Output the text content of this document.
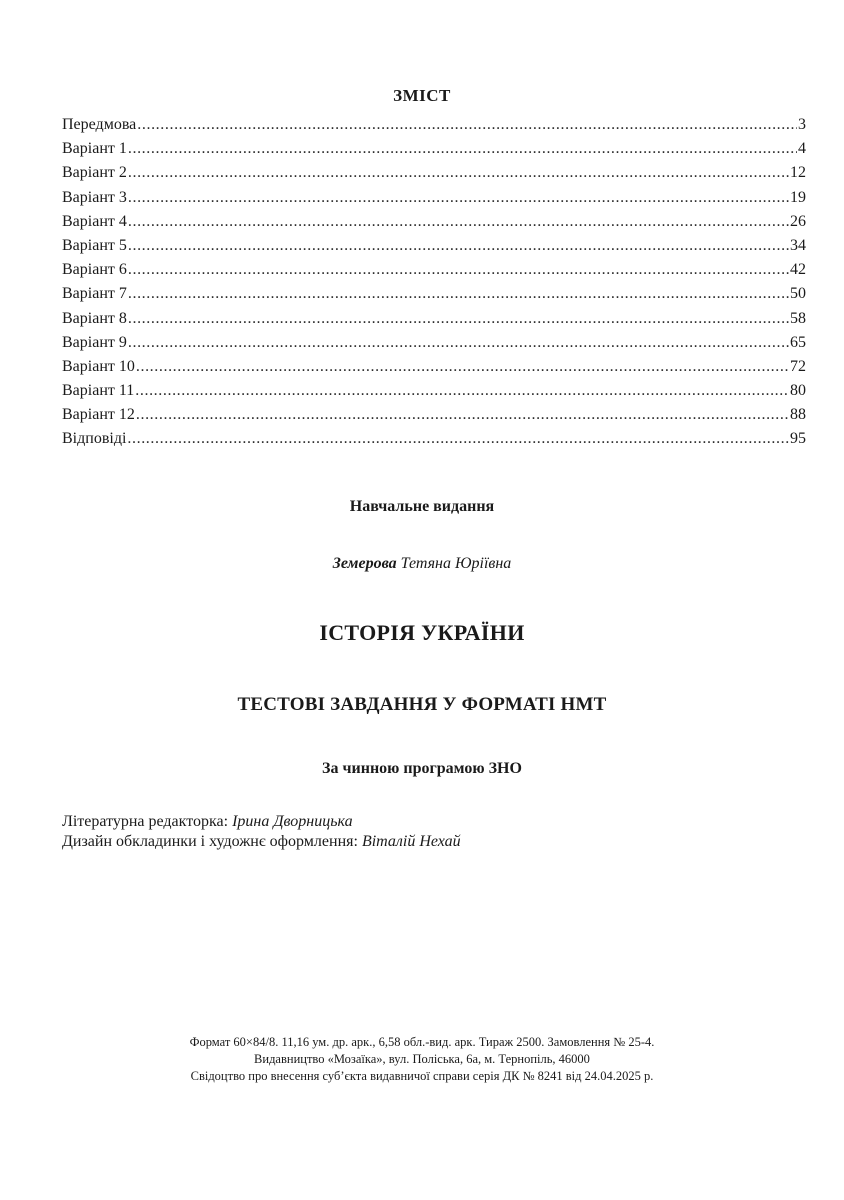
ЗМІСТ
Передмова .....	3
Варіант 1 .....	4
Варіант 2 .....	12
Варіант 3 .....	19
Варіант 4 .....	26
Варіант 5 .....	34
Варіант 6 .....	42
Варіант 7 .....	50
Варіант 8 .....	58
Варіант 9 .....	65
Варіант 10 .....	72
Варіант 11 .....	80
Варіант 12 .....	88
Відповіді .....	95
Навчальне видання
Земерова Тетяна Юріївна
ІСТОРІЯ УКРАЇНИ
ТЕСТОВІ ЗАВДАННЯ У ФОРМАТІ НМТ
За чинною програмою ЗНО
Літературна редакторка: Ірина Дворницька
Дизайн обкладинки і художнє оформлення: Віталій Нехай
Формат 60×84/8. 11,16 ум. др. арк., 6,58 обл.-вид. арк. Тираж 2500. Замовлення № 25-4.
Видавництво «Мозаїка», вул. Поліська, 6а, м. Тернопіль, 46000
Свідоцтво про внесення суб’єкта видавничої справи серія ДК № 8241 від 24.04.2025 р.
